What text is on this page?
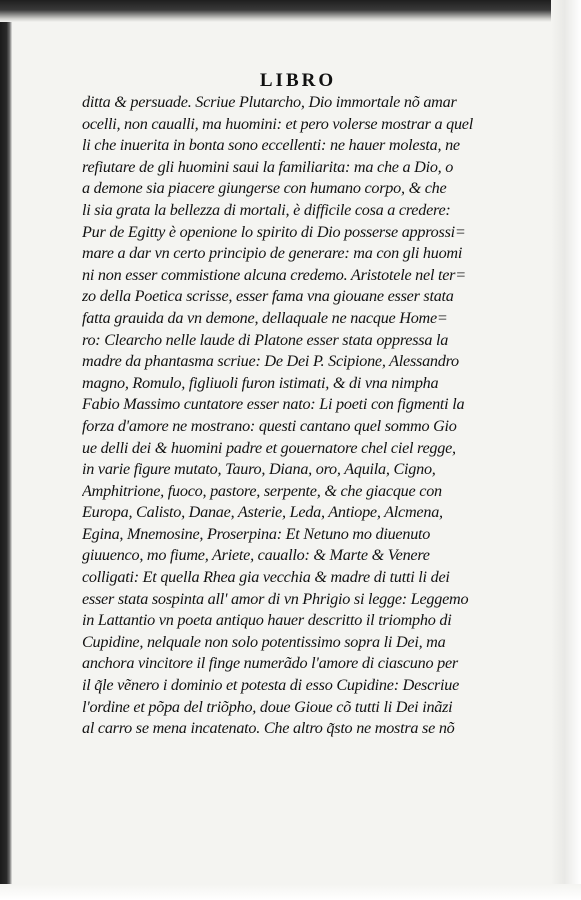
LIBRO
ditta & persuade. Scriue Plutarcho, Dio immortale nõ amar
ocelli, non caualli, ma huomini: et pero volerse mostrar a quel
li che inuerita in bonta sono eccellenti: ne hauer molesta, ne
refiutare de gli huomini saui la familiarita: ma che a Dio, o
a demone sia piacere giungerse con humano corpo, & che
li sia grata la bellezza di mortali, è difficile cosa a credere:
Pur de Egitty è openione lo spirito di Dio posserse approssi=
mare a dar vn certo principio de generare: ma con gli huomi
ni non esser commistione alcuna credemo. Aristotele nel ter=
zo della Poetica scrisse, esser fama vna giouane esser stata
fatta grauida da vn demone, dellaquale ne nacque Home=
ro: Clearcho nelle laude di Platone esser stata oppressa la
madre da phantasma scriue: De Dei P. Scipione, Alessandro
magno, Romulo, figliuoli furon istimati, & di vna nimpha
Fabio Massimo cuntatore esser nato: Li poeti con figmenti la
forza d'amore ne mostrano: questi cantano quel sommo Gio
ue delli dei & huomini padre et gouernatore chel ciel regge,
in varie figure mutato, Tauro, Diana, oro, Aquila, Cigno,
Amphitrione, fuoco, pastore, serpente, & che giacque con
Europa, Calisto, Danae, Asterie, Leda, Antiope, Alcmena,
Egina, Mnemosine, Proserpina: Et Netuno mo diuenuto
giuuenco, mo fiume, Ariete, cauallo: & Marte & Venere
colligati: Et quella Rhea gia vecchia & madre di tutti li dei
esser stata sospinta all' amor di vn Phrigio si legge: Leggemo
in Lattantio vn poeta antiquo hauer descritto il triompho di
Cupidine, nelquale non solo potentissimo sopra li Dei, ma
anchora vincitore il finge numerãdo l'amore di ciascuno per
il q̃le vẽnero i dominio et potesta di esso Cupidine: Descriue
l'ordine et põpa del triõpho, doue Gioue cõ tutti li Dei inãzi
al carro se mena incatenato. Che altro q̃sto ne mostra se nõ
